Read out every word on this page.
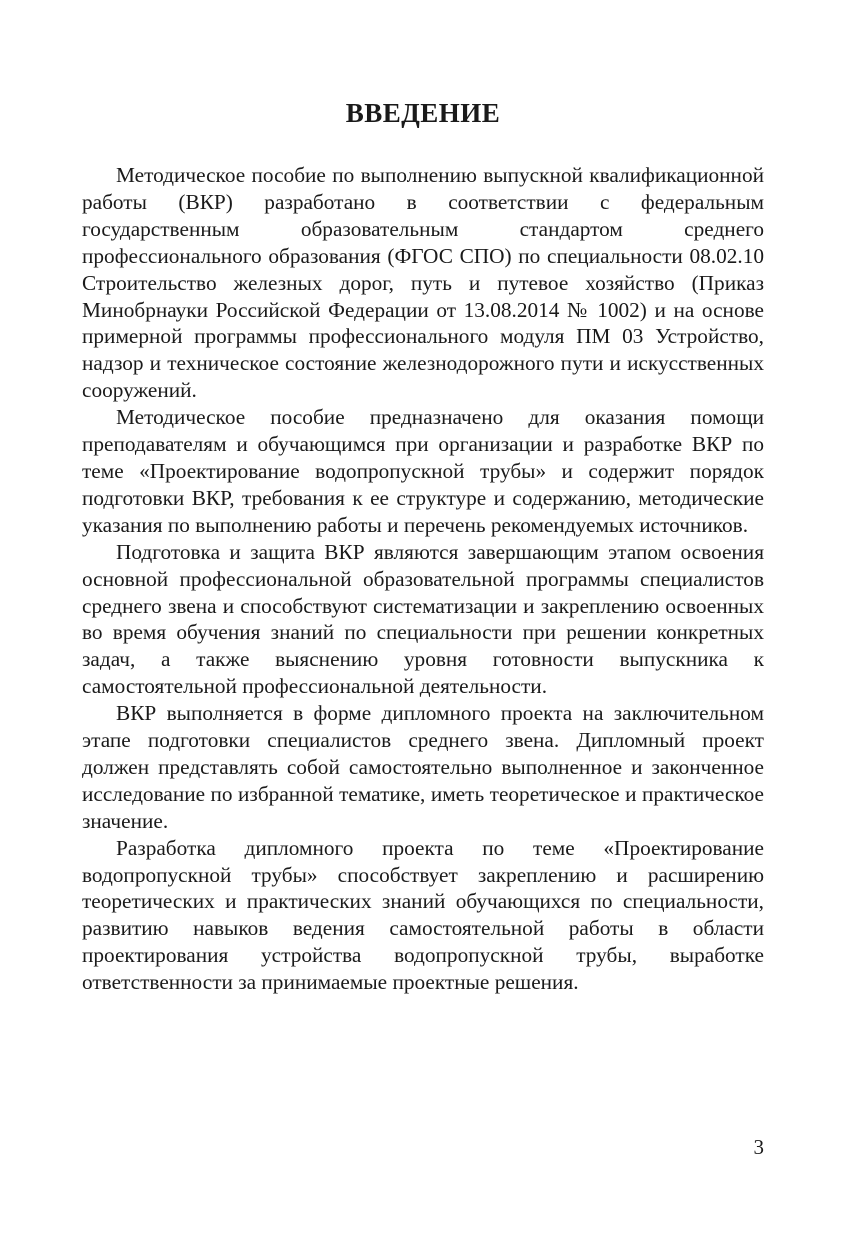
ВВЕДЕНИЕ

Методическое пособие по выполнению выпускной квалификационной работы (ВКР) разработано в соответствии с федеральным государственным образовательным стандартом среднего профессионального образования (ФГОС СПО) по специальности 08.02.10 Строительство железных дорог, путь и путевое хозяйство (Приказ Минобрнауки Российской Федерации от 13.08.2014 № 1002) и на основе примерной программы профессионального модуля ПМ 03 Устройство, надзор и техническое состояние железнодорожного пути и искусственных сооружений.

Методическое пособие предназначено для оказания помощи преподавателям и обучающимся при организации и разработке ВКР по теме «Проектирование водопропускной трубы» и содержит порядок подготовки ВКР, требования к ее структуре и содержанию, методические указания по выполнению работы и перечень рекомендуемых источников.

Подготовка и защита ВКР являются завершающим этапом освоения основной профессиональной образовательной программы специалистов среднего звена и способствуют систематизации и закреплению освоенных во время обучения знаний по специальности при решении конкретных задач, а также выяснению уровня готовности выпускника к самостоятельной профессиональной деятельности.

ВКР выполняется в форме дипломного проекта на заключительном этапе подготовки специалистов среднего звена. Дипломный проект должен представлять собой самостоятельно выполненное и законченное исследование по избранной тематике, иметь теоретическое и практическое значение.

Разработка дипломного проекта по теме «Проектирование водопропускной трубы» способствует закреплению и расширению теоретических и практических знаний обучающихся по специальности, развитию навыков ведения самостоятельной работы в области проектирования устройства водопропускной трубы, выработке ответственности за принимаемые проектные решения.

3
